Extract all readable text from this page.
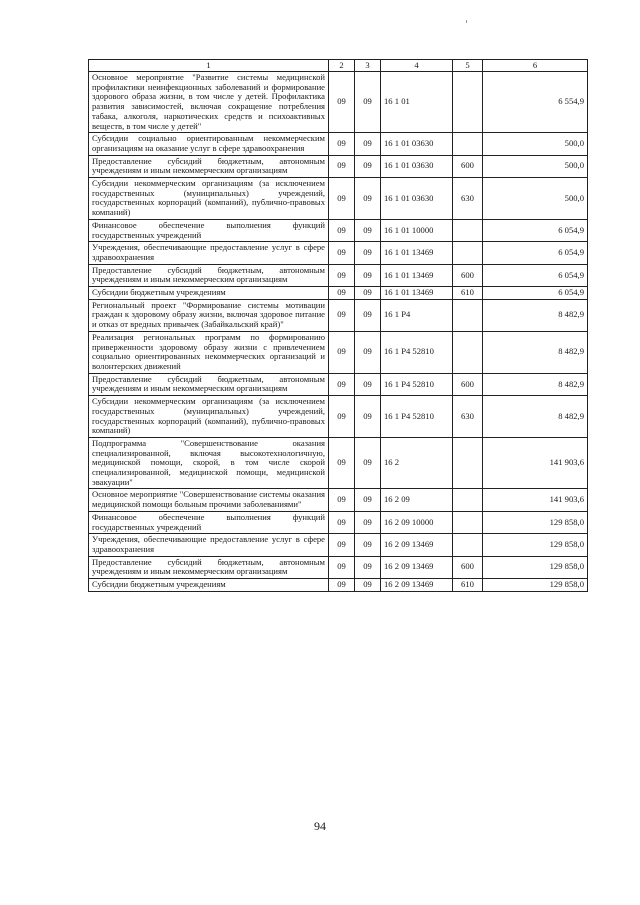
1	2	3	4	5	6
Основное мероприятие "Развитие системы медицинской профилактики неинфекционных заболеваний и формирование здорового образа жизни, в том числе у детей. Профилактика развития зависимостей, включая сокращение потребления табака, алкоголя, наркотических средств и психоактивных веществ, в том числе у детей"	09	09	16 1 01		6 554,9
Субсидии социально ориентированным некоммерческим организациям на оказание услуг в сфере здравоохранения	09	09	16 1 01 03630		500,0
Предоставление субсидий бюджетным, автономным учреждениям и иным некоммерческим организациям	09	09	16 1 01 03630	600	500,0
Субсидии некоммерческим организациям (за исключением государственных (муниципальных) учреждений, государственных корпораций (компаний), публично-правовых компаний)	09	09	16 1 01 03630	630	500,0
Финансовое обеспечение выполнения функций государственных учреждений	09	09	16 1 01 10000		6 054,9
Учреждения, обеспечивающие предоставление услуг в сфере здравоохранения	09	09	16 1 01 13469		6 054,9
Предоставление субсидий бюджетным, автономным учреждениям и иным некоммерческим организациям	09	09	16 1 01 13469	600	6 054,9
Субсидии бюджетным учреждениям	09	09	16 1 01 13469	610	6 054,9
Региональный проект "Формирование системы мотивации граждан к здоровому образу жизни, включая здоровое питание и отказ от вредных привычек (Забайкальский край)"	09	09	16 1 P4		8 482,9
Реализация региональных программ по формированию приверженности здоровому образу жизни с привлечением социально ориентированных некоммерческих организаций и волонтерских движений	09	09	16 1 P4 52810		8 482,9
Предоставление субсидий бюджетным, автономным учреждениям и иным некоммерческим организациям	09	09	16 1 P4 52810	600	8 482,9
Субсидии некоммерческим организациям (за исключением государственных (муниципальных) учреждений, государственных корпораций (компаний), публично-правовых компаний)	09	09	16 1 P4 52810	630	8 482,9
Подпрограмма "Совершенствование оказания специализированной, включая высокотехнологичную, медицинской помощи, скорой, в том числе скорой специализированной, медицинской помощи, медицинской эвакуации"	09	09	16 2		141 903,6
Основное мероприятие "Совершенствование системы оказания медицинской помощи больным прочими заболеваниями"	09	09	16 2 09		141 903,6
Финансовое обеспечение выполнения функций государственных учреждений	09	09	16 2 09 10000		129 858,0
Учреждения, обеспечивающие предоставление услуг в сфере здравоохранения	09	09	16 2 09 13469		129 858,0
Предоставление субсидий бюджетным, автономным учреждениям и иным некоммерческим организациям	09	09	16 2 09 13469	600	129 858,0
Субсидии бюджетным учреждениям	09	09	16 2 09 13469	610	129 858,0
94
